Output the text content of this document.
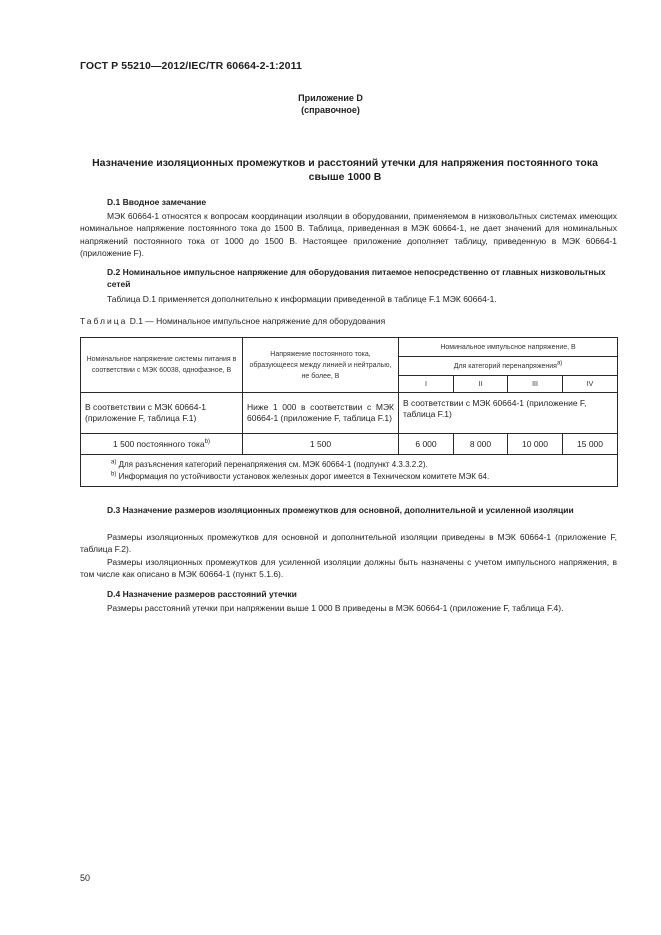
ГОСТ Р 55210—2012/IEC/TR 60664-2-1:2011
Приложение D
(справочное)
Назначение изоляционных промежутков и расстояний утечки для напряжения постоянного тока свыше 1000 В
D.1 Вводное замечание

МЭК 60664-1 относятся к вопросам координации изоляции в оборудовании, применяемом в низковольтных системах имеющих номинальное напряжение постоянного тока до 1500 В. Таблица, приведенная в МЭК 60664-1, не дает значений для номинальных напряжений постоянного тока от 1000 до 1500 В. Настоящее приложение дополняет таблицу, приведенную в МЭК 60664-1 (приложение F).

D.2 Номинальное импульсное напряжение для оборудования питаемое непосредственно от главных низковольтных сетей

Таблица D.1 применяется дополнительно к информации приведенной в таблице F.1 МЭК 60664-1.

Таблица D.1 — Номинальное импульсное напряжение для оборудования
Номинальное напряжение системы питания в соответствии с МЭК 60038, однофазное, В	Напряжение постоянного тока, образующееся между линией и нейтралью, не более, В	Номинальное импульсное напряжение, В			
		Для категорий перенапряжения$^{a)}$
		I	II	III	IV
В соответствии с МЭК 60664-1 (приложение F, таблица F.1)	Ниже 1 000 в соответствии с МЭК 60664-1 (приложение F, таблица F.1)	В соответствии с МЭК 60664-1 (приложение F, таблица F.1)			
1 500 постоянного тока$^{b)}$	1 500	6 000	8 000	10 000	15 000

$^{a)}$ Для разъяснения категорий перенапряжения см. МЭК 60664-1 (подпункт 4.3.3.2.2).
$^{b)}$ Информация по устойчивости установок железных дорог имеется в Техническом комитете МЭК 64.					
D.3 Назначение размеров изоляционных промежутков для основной, дополнительной и усиленной изоляции

Размеры изоляционных промежутков для основной и дополнительной изоляции приведены в МЭК 60664-1 (приложение F, таблица F.2).

Размеры изоляционных промежутков для усиленной изоляции должны быть назначены с учетом импульсного напряжения, в том числе как описано в МЭК 60664-1 (пункт 5.1.6).

D.4 Назначение размеров расстояний утечки

Размеры расстояний утечки при напряжении выше 1 000 В приведены в МЭК 60664-1 (приложение F, таблица F.4).

50
